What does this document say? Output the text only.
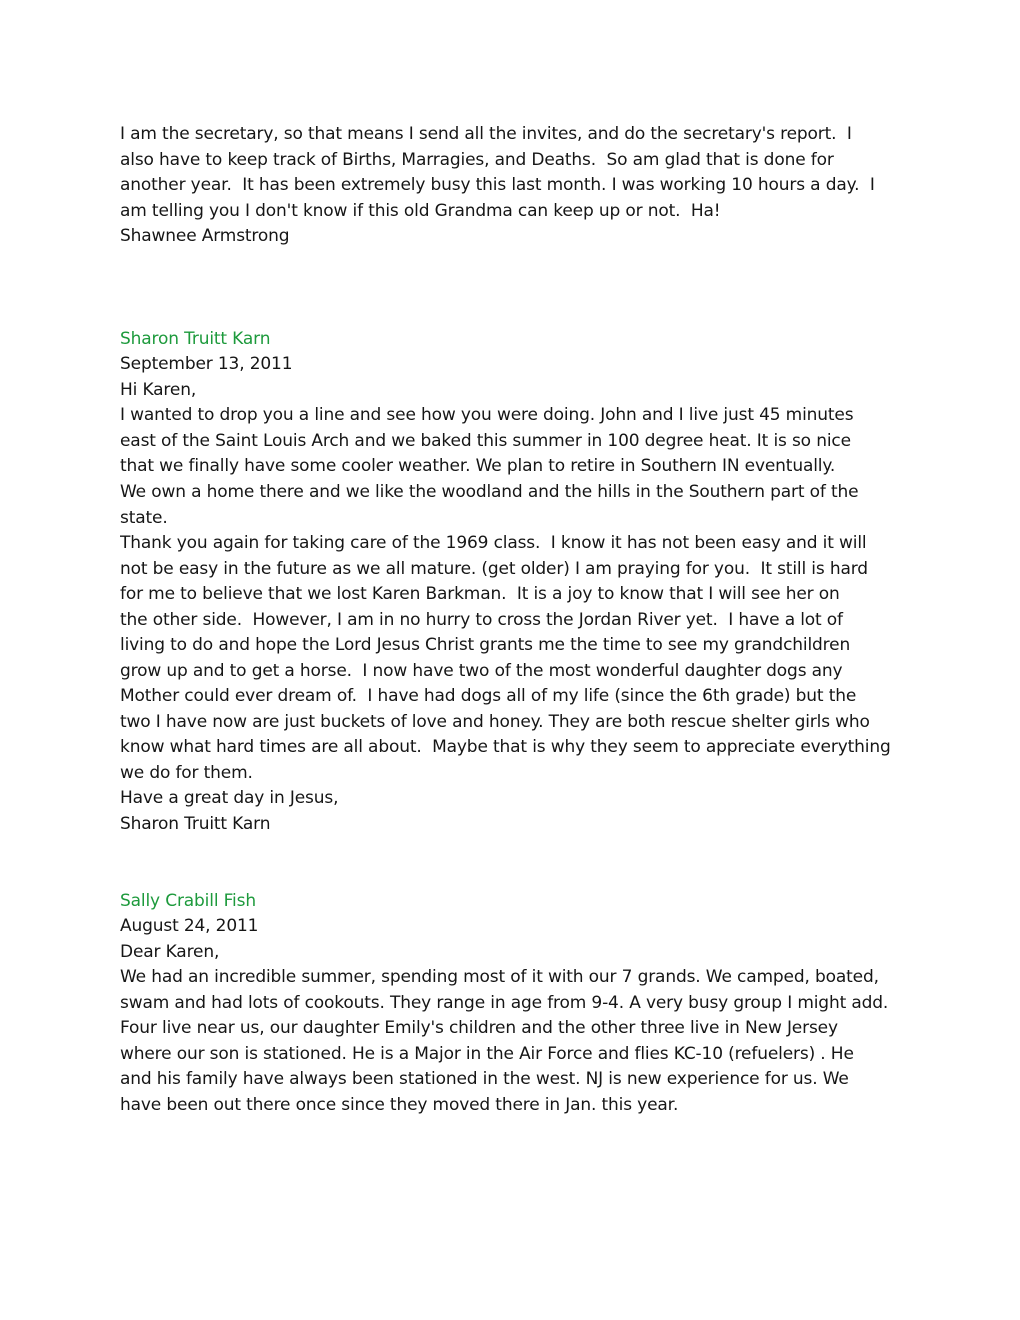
I am the secretary, so that means I send all the invites, and do the secretary's report.  I
also have to keep track of Births, Marragies, and Deaths.  So am glad that is done for
another year.  It has been extremely busy this last month. I was working 10 hours a day.  I
am telling you I don't know if this old Grandma can keep up or not.  Ha!
Shawnee Armstrong
Sharon Truitt Karn
September 13, 2011
Hi Karen,
I wanted to drop you a line and see how you were doing. John and I live just 45 minutes
east of the Saint Louis Arch and we baked this summer in 100 degree heat. It is so nice
that we finally have some cooler weather. We plan to retire in Southern IN eventually.
We own a home there and we like the woodland and the hills in the Southern part of the
state.
Thank you again for taking care of the 1969 class.  I know it has not been easy and it will
not be easy in the future as we all mature. (get older) I am praying for you.  It still is hard
for me to believe that we lost Karen Barkman.  It is a joy to know that I will see her on
the other side.  However, I am in no hurry to cross the Jordan River yet.  I have a lot of
living to do and hope the Lord Jesus Christ grants me the time to see my grandchildren
grow up and to get a horse.  I now have two of the most wonderful daughter dogs any
Mother could ever dream of.  I have had dogs all of my life (since the 6th grade) but the
two I have now are just buckets of love and honey. They are both rescue shelter girls who
know what hard times are all about.  Maybe that is why they seem to appreciate everything
we do for them.
Have a great day in Jesus,
Sharon Truitt Karn
Sally Crabill Fish
August 24, 2011
Dear Karen,
We had an incredible summer, spending most of it with our 7 grands. We camped, boated,
swam and had lots of cookouts. They range in age from 9-4. A very busy group I might add.
Four live near us, our daughter Emily's children and the other three live in New Jersey
where our son is stationed. He is a Major in the Air Force and flies KC-10 (refuelers) . He
and his family have always been stationed in the west. NJ is new experience for us. We
have been out there once since they moved there in Jan. this year.
